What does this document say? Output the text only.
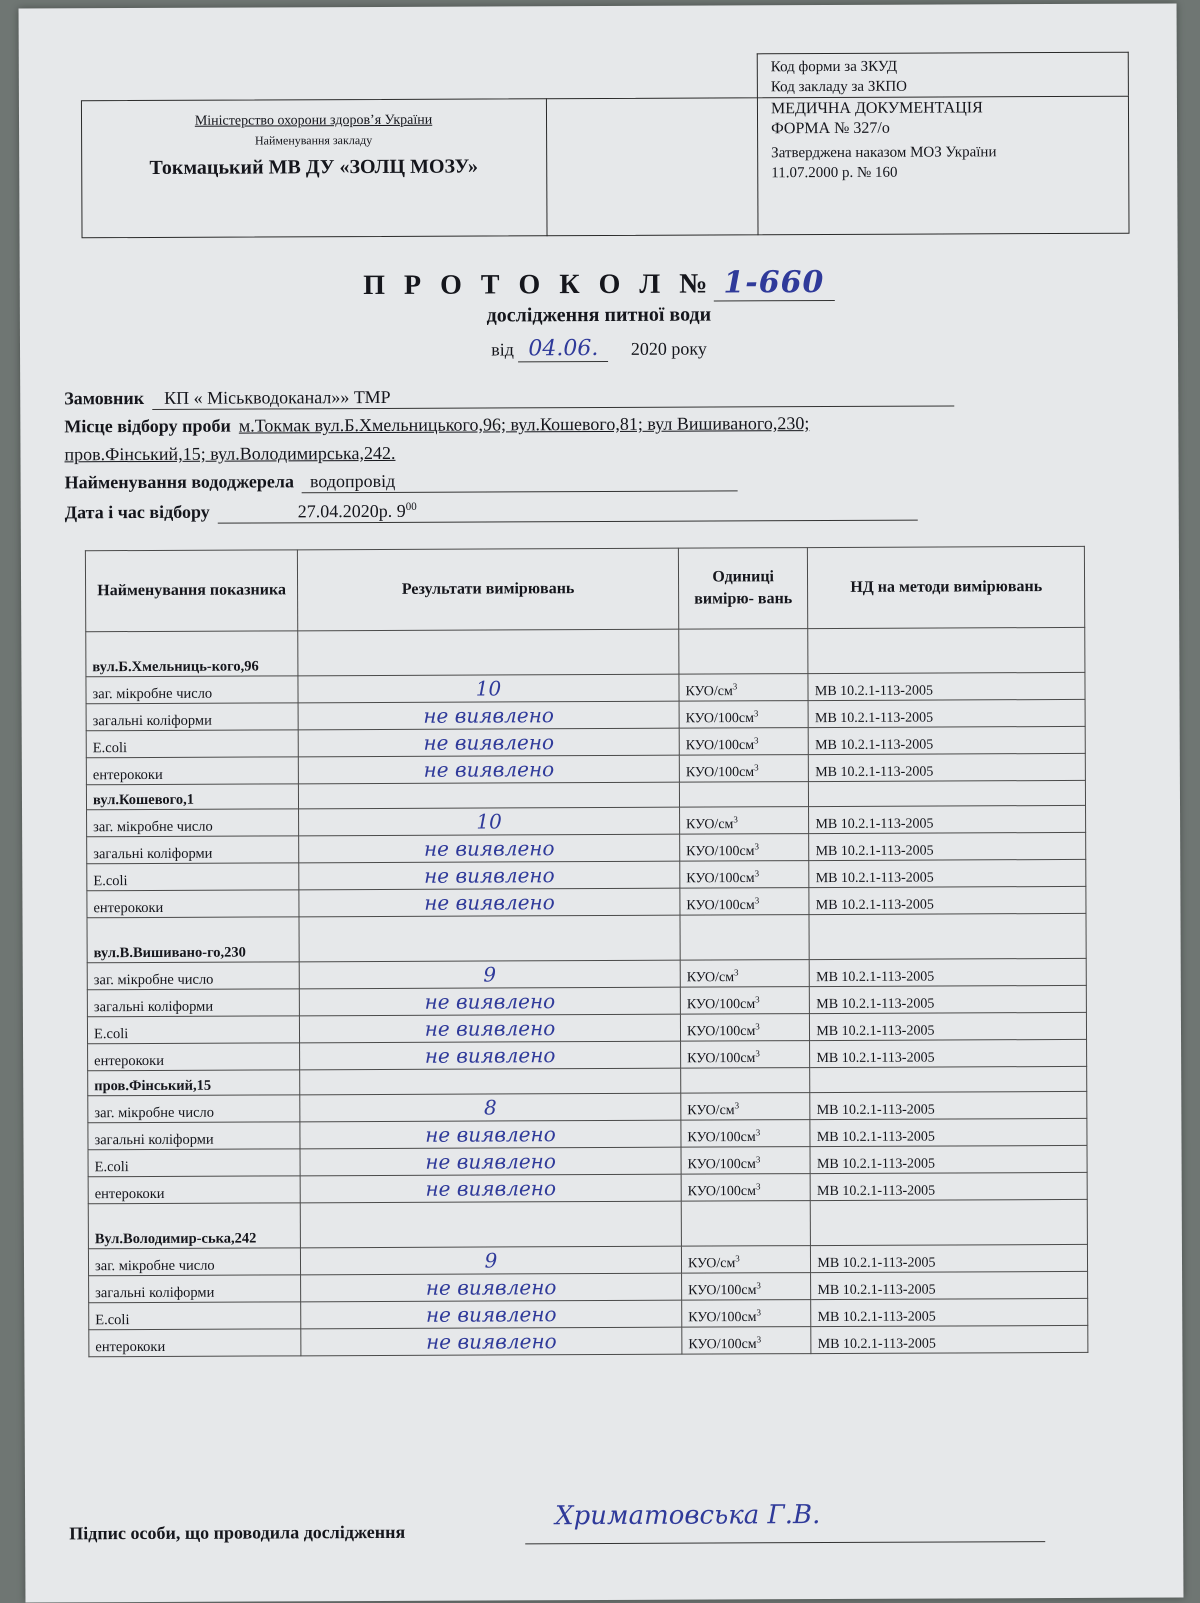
Міністерство охорони здоров’я України
Найменування закладу
Токмацький МВ ДУ «ЗОЛЦ МОЗУ»
Код форми за ЗКУД
Код закладу за ЗКПО
МЕДИЧНА ДОКУМЕНТАЦІЯ
ФОРМА № 327/о
Затверджена наказом МОЗ України
11.07.2000 р. № 160
П Р О Т О К О Л № 1-660
дослідження питної води
від 04.06. 2020 року
Замовник КП « Міськводоканал»» ТМР
Місце відбору проби м.Токмак вул.Б.Хмельницького,96; вул.Кошевого,81; вул Вишиваного,230;
пров.Фінський,15; вул.Володимирська,242.
Найменування вододжерела водопровід
Дата і час відбору	27.04.2020р. $9^{00}$
Найменування показника	Результати вимірювань	Одиниці вимірю- вань	НД на методи вимірювань
вул.Б.Хмельниць-кого,96			
заг. мікробне число	10	КУО/$см^3$	МВ 10.2.1-113-2005
загальні коліформи	не виявлено	КУО/$100см^3$	МВ 10.2.1-113-2005
E.coli	не виявлено	КУО/$100см^3$	МВ 10.2.1-113-2005
ентерококи	не виявлено	КУО/$100см^3$	МВ 10.2.1-113-2005
вул.Кошевого,1			
заг. мікробне число	10	КУО/$см^3$	МВ 10.2.1-113-2005
загальні коліформи	не виявлено	КУО/$100см^3$	МВ 10.2.1-113-2005
E.coli	не виявлено	КУО/$100см^3$	МВ 10.2.1-113-2005
ентерококи	не виявлено	КУО/$100см^3$	МВ 10.2.1-113-2005
вул.В.Вишивано-го,230			
заг. мікробне число	9	КУО/$см^3$	МВ 10.2.1-113-2005
загальні коліформи	не виявлено	КУО/$100см^3$	МВ 10.2.1-113-2005
E.coli	не виявлено	КУО/$100см^3$	МВ 10.2.1-113-2005
ентерококи	не виявлено	КУО/$100см^3$	МВ 10.2.1-113-2005
пров.Фінський,15			
заг. мікробне число	8	КУО/$см^3$	МВ 10.2.1-113-2005
загальні коліформи	не виявлено	КУО/$100см^3$	МВ 10.2.1-113-2005
E.coli	не виявлено	КУО/$100см^3$	МВ 10.2.1-113-2005
ентерококи	не виявлено	КУО/$100см^3$	МВ 10.2.1-113-2005
Вул.Володимир-ська,242			
заг. мікробне число	9	КУО/$см^3$	МВ 10.2.1-113-2005
загальні коліформи	не виявлено	КУО/$100см^3$	МВ 10.2.1-113-2005
E.coli	не виявлено	КУО/$100см^3$	МВ 10.2.1-113-2005
ентерококи	не виявлено	КУО/$100см^3$	МВ 10.2.1-113-2005
Підпис особи, що проводила дослідження
Хриматовська Г.В.
